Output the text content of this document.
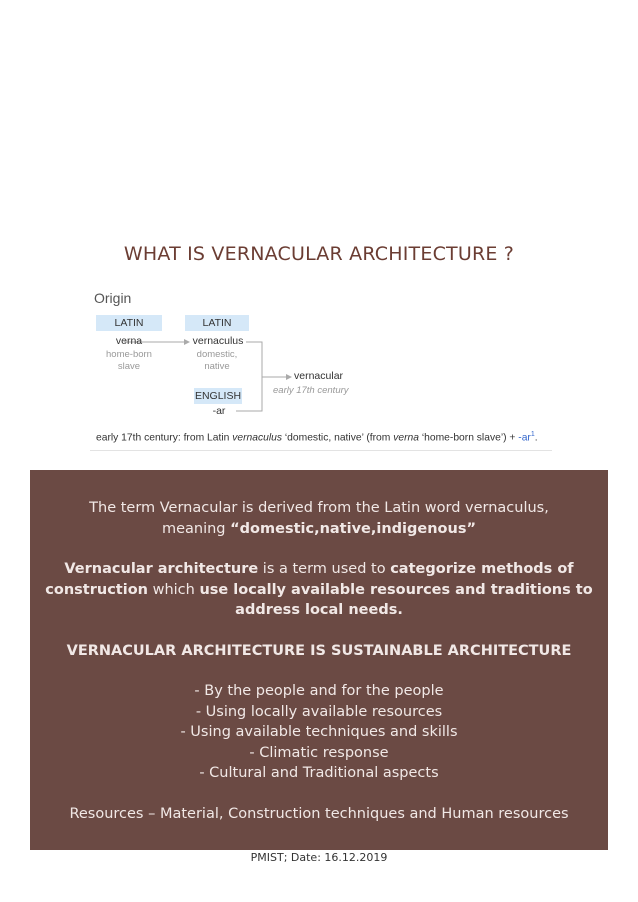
WHAT IS VERNACULAR ARCHITECTURE ?
Origin
LATIN	LATIN
ENGLISH
verna
home-born
slave
vernaculus
domestic,
native
-ar
vernacular
early 17th century
early 17th century: from Latin vernaculus ‘domestic, native’ (from verna ‘home-born slave’) + $-ar^1$.

The term Vernacular is derived from the Latin word vernaculus,
meaning “domestic,native,indigenous”

Vernacular architecture is a term used to categorize methods of construction which use locally available resources and traditions to address local needs.

VERNACULAR ARCHITECTURE IS SUSTAINABLE ARCHITECTURE

- By the people and for the people
- Using locally available resources
- Using available techniques and skills
- Climatic response
- Cultural and Traditional aspects

Resources – Material, Construction techniques and Human resources

PMIST; Date: 16.12.2019
